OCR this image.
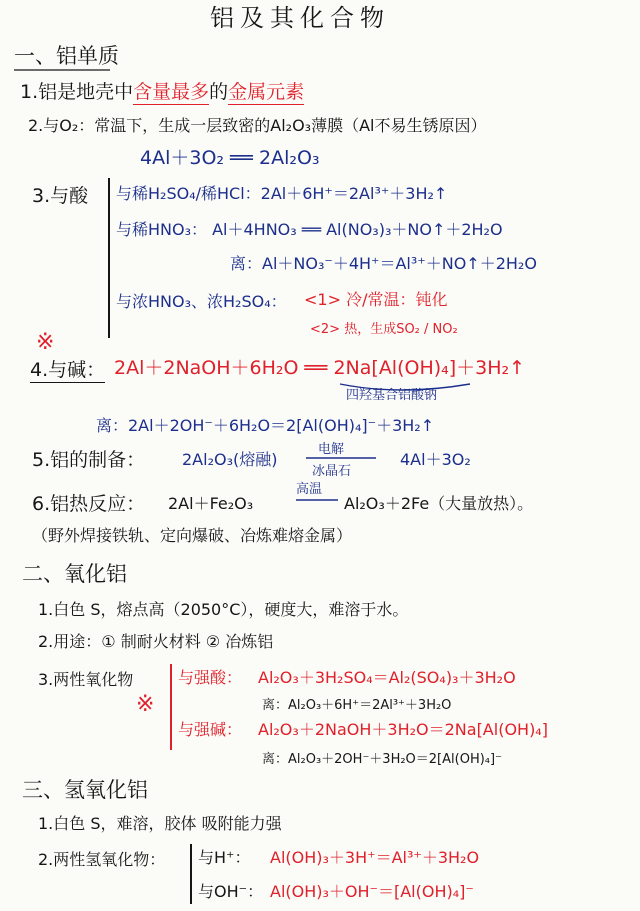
铝及其化合物
一、铝单质
1.铝是地壳中含量最多的金属元素
2.与O₂：常温下，生成一层致密的Al₂O₃薄膜（Al不易生锈原因）
4Al＋3O₂ ══ 2Al₂O₃
3.与酸 与稀H₂SO₄/稀HCl：2Al＋6H⁺＝2Al³⁺＋3H₂↑
与稀HNO₃： Al＋4HNO₃ ══ Al(NO₃)₃＋NO↑＋2H₂O
离：Al＋NO₃⁻＋4H⁺＝Al³⁺＋NO↑＋2H₂O
与浓HNO₃、浓H₂SO₄： <1> 冷/常温：钝化
<2> 热，生成SO₂ / NO₂
※
4.与碱： 2Al＋2NaOH＋6H₂O ══ 2Na[Al(OH)₄]＋3H₂↑
四羟基合铝酸钠
离：2Al＋2OH⁻＋6H₂O＝2[Al(OH)₄]⁻＋3H₂↑
5.铝的制备： 2Al₂O₃(熔融)
电解
冰晶石
4Al＋3O₂
6.铝热反应： 2Al＋Fe₂O₃
高温
Al₂O₃＋2Fe（大量放热）。
（野外焊接铁轨、定向爆破、冶炼难熔金属）
二、氧化铝
1.白色 S，熔点高（2050°C），硬度大，难溶于水。
2.用途：① 制耐火材料 ② 冶炼铝
3.两性氧化物
※
与强酸： Al₂O₃＋3H₂SO₄＝Al₂(SO₄)₃＋3H₂O
离：Al₂O₃＋6H⁺＝2Al³⁺＋3H₂O
与强碱： Al₂O₃＋2NaOH＋3H₂O＝2Na[Al(OH)₄]
离：Al₂O₃＋2OH⁻＋3H₂O＝2[Al(OH)₄]⁻
三、氢氧化铝
1.白色 S，难溶，胶体 吸附能力强
2.两性氢氧化物： 与H⁺： Al(OH)₃＋3H⁺＝Al³⁺＋3H₂O
与OH⁻： Al(OH)₃＋OH⁻＝[Al(OH)₄]⁻
